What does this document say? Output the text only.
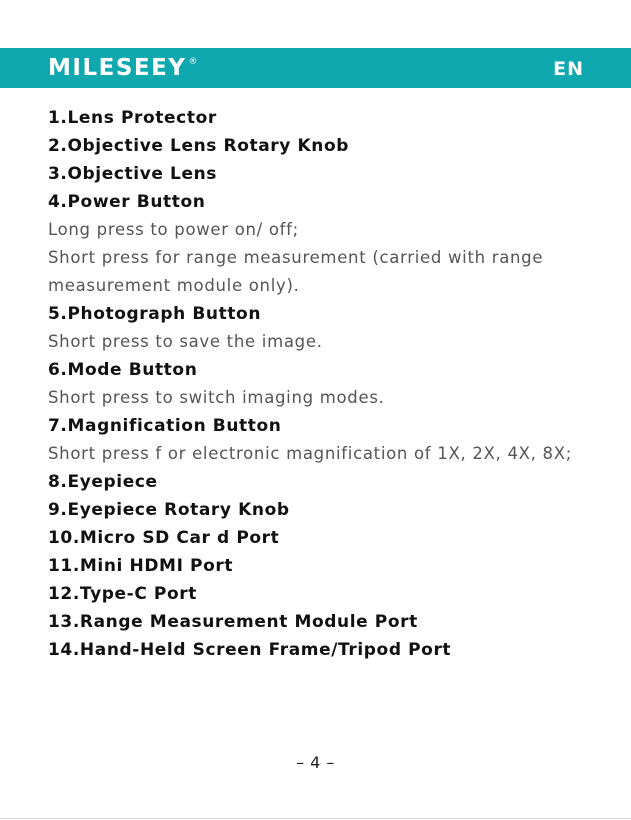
MILESEEY ®	EN
1.Lens Protector
2.Objective Lens Rotary Knob
3.Objective Lens
4.Power Button
Long press to power on/ off;
Short press for range measurement (carried with range
measurement module only).
5.Photograph Button
Short press to save the image.
6.Mode Button
Short press to switch imaging modes.
7.Magnification Button
Short press f or electronic magnification of 1X, 2X, 4X, 8X;
8.Eyepiece
9.Eyepiece Rotary Knob
10.Micro SD Car d Port
11.Mini HDMI Port
12.Type-C Port
13.Range Measurement Module Port
14.Hand-Held Screen Frame/Tripod Port
– 4 –
